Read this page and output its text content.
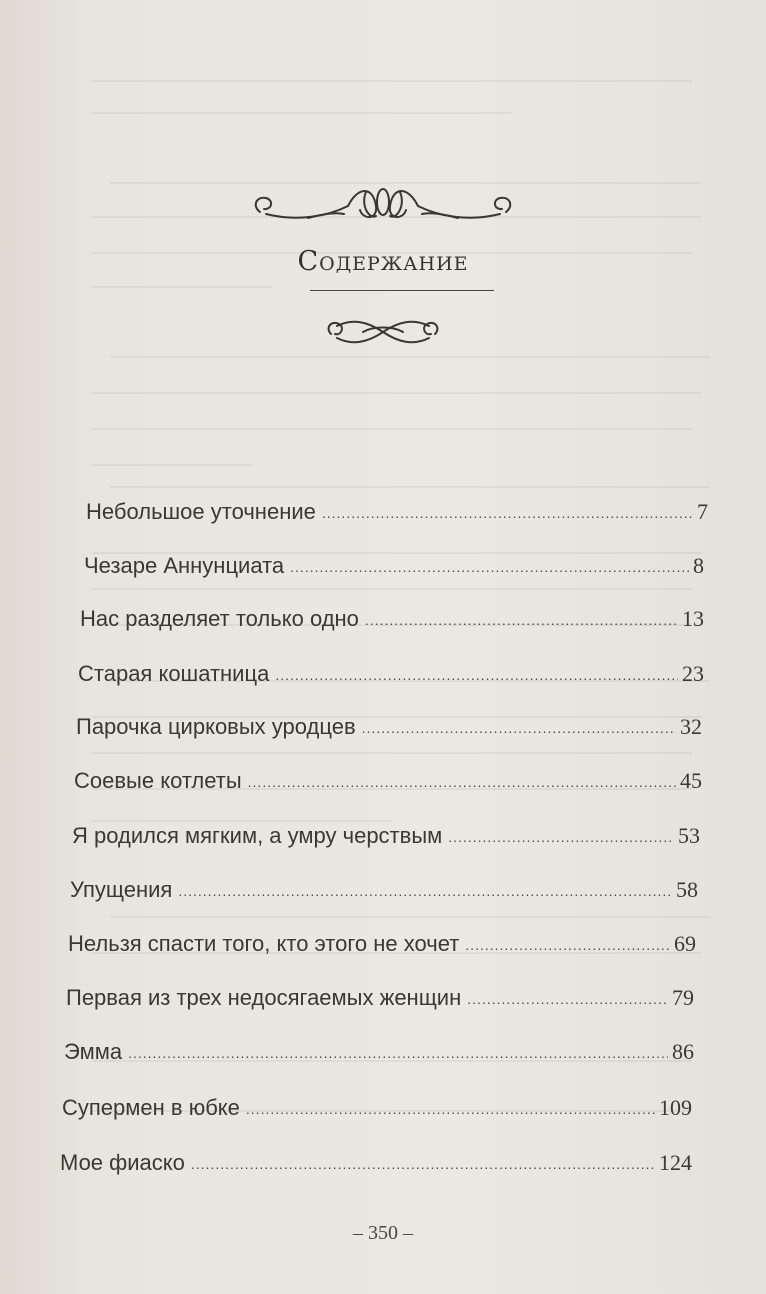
Содержание
Небольшое уточнение .....	7
Чезаре Аннунциата .....	8
Нас разделяет только одно .....	13
Старая кошатница .....	23
Парочка цирковых уродцев .....	32
Соевые котлеты .....	45
Я родился мягким, а умру черствым .....	53
Упущения .....	58
Нельзя спасти того, кто этого не хочет .....	69
Первая из трех недосягаемых женщин .....	79
Эмма .....	86
Супермен в юбке .....	109
Мое фиаско .....	124
– 350 –
